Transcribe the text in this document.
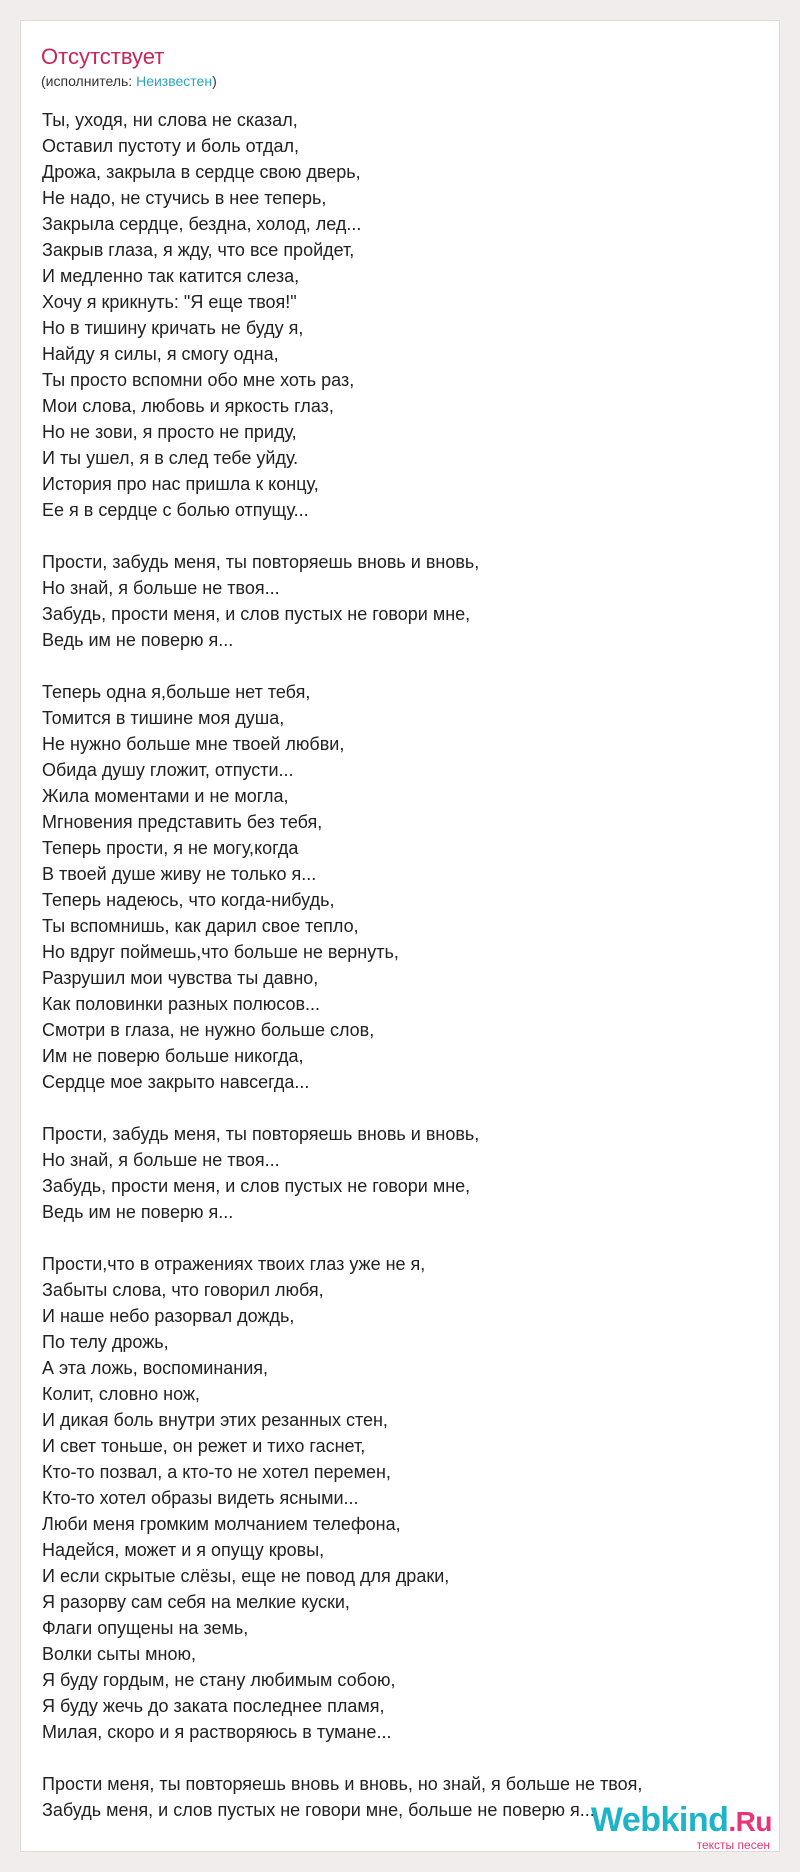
Отсутствует
(исполнитель: Неизвестен)
Ты, уходя, ни слова не сказал,
Оставил пустоту и боль отдал,
Дрожа, закрыла в сердце свою дверь,
Не надо, не стучись в нее теперь,
Закрыла сердце, бездна, холод, лед...
Закрыв глаза, я жду, что все пройдет,
И медленно так катится слеза,
Хочу я крикнуть: "Я еще твоя!"
Но в тишину кричать не буду я,
Найду я силы, я смогу одна,
Ты просто вспомни обо мне хоть раз,
Мои слова, любовь и яркость глаз,
Но не зови, я просто не приду,
И ты ушел, я в след тебе уйду.
История про нас пришла к концу,
Ее я в сердце с болью отпущу...
Прости, забудь меня, ты повторяешь вновь и вновь,
Но знай, я больше не твоя...
Забудь, прости меня, и слов пустых не говори мне,
Ведь им не поверю я...
Теперь одна я,больше нет тебя,
Томится в тишине моя душа,
Не нужно больше мне твоей любви,
Обида душу гложит, отпусти...
Жила моментами и не могла,
Мгновения представить без тебя,
Теперь прости, я не могу,когда
В твоей душе живу не только я...
Теперь надеюсь, что когда-нибудь,
Ты вспомнишь, как дарил свое тепло,
Но вдруг поймешь,что больше не вернуть,
Разрушил мои чувства ты давно,
Как половинки разных полюсов...
Смотри в глаза, не нужно больше слов,
Им не поверю больше никогда,
Сердце мое закрыто навсегда...
Прости, забудь меня, ты повторяешь вновь и вновь,
Но знай, я больше не твоя...
Забудь, прости меня, и слов пустых не говори мне,
Ведь им не поверю я...
Прости,что в отражениях твоих глаз уже не я,
Забыты слова, что говорил любя,
И наше небо разорвал дождь,
По телу дрожь,
А эта ложь, воспоминания,
Колит, словно нож,
И дикая боль внутри этих резанных стен,
И свет тоньше, он режет и тихо гаснет,
Кто-то позвал, а кто-то не хотел перемен,
Кто-то хотел образы видеть ясными...
Люби меня громким молчанием телефона,
Надейся, может и я опущу кровы,
И если скрытые слёзы, еще не повод для драки,
Я разорву сам себя на мелкие куски,
Флаги опущены на земь,
Волки сыты мною,
Я буду гордым, не стану любимым собою,
Я буду жечь до заката последнее пламя,
Милая, скоро и я растворяюсь в тумане...
Прости меня, ты повторяешь вновь и вновь, но знай, я больше не твоя,
Забудь меня, и слов пустых не говори мне, больше не поверю я...
Webkind.Ru
тексты песен
